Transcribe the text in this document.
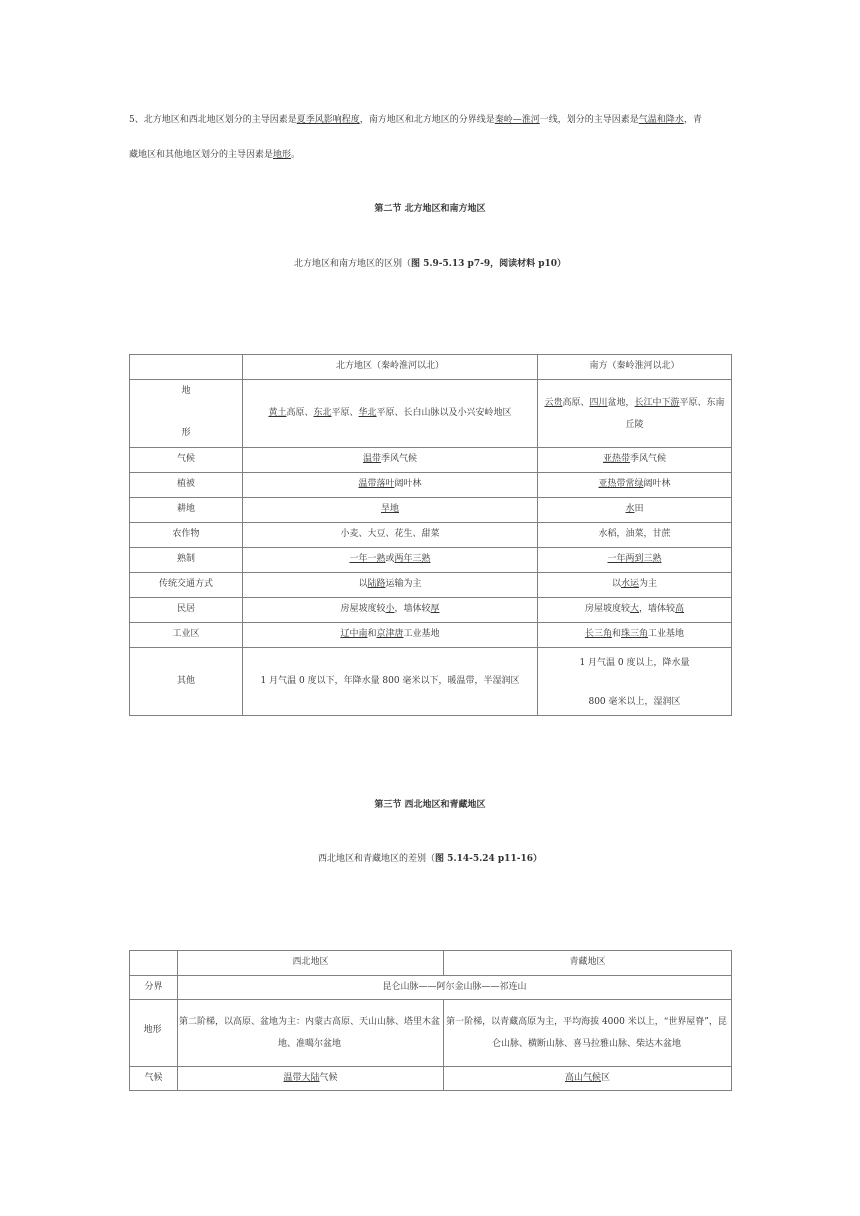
5、北方地区和西北地区划分的主导因素是夏季风影响程度，南方地区和北方地区的分界线是秦岭—淮河一线，划分的主导因素是气温和降水，青
藏地区和其他地区划分的主导因素是地形。
第二节 北方地区和南方地区
北方地区和南方地区的区别（图 5.9-5.13 p7-9，阅读材料 p10）
	北方地区（秦岭淮河以北）	南方（秦岭淮河以北）

地
形	黄土高原、东北平原、华北平原、长白山脉以及小兴安岭地区	云贵高原、四川盆地，长江中下游平原、东南丘陵
气候	温带季风气候	亚热带季风气候
植被	温带落叶阔叶林	亚热带常绿阔叶林
耕地	旱地	水田
农作物	小麦、大豆、花生、甜菜	水稻，油菜，甘蔗
熟制	一年一熟或两年三熟	一年两到三熟
传统交通方式	以陆路运输为主	以水运为主
民居	房屋坡度较小，墙体较厚	房屋坡度较大，墙体较高
工业区	辽中南和京津唐工业基地	长三角和珠三角工业基地
其他	1 月气温 0 度以下，年降水量 800 毫米以下，暖温带，半湿润区	1 月气温 0 度以上，降水量
800 毫米以上，湿润区
第三节 西北地区和青藏地区
西北地区和青藏地区的差别（图 5.14-5.24 p11-16）
	西北地区	青藏地区
分界	昆仑山脉——阿尔金山脉——祁连山	
地形	第二阶梯，以高原、盆地为主：内蒙古高原、天山山脉、塔里木盆地、准噶尔盆地	第一阶梯，以青藏高原为主，平均海拔 4000 米以上，“世界屋脊”，昆仑山脉、横断山脉、喜马拉雅山脉、柴达木盆地
气候	温带大陆气候	高山气候区
